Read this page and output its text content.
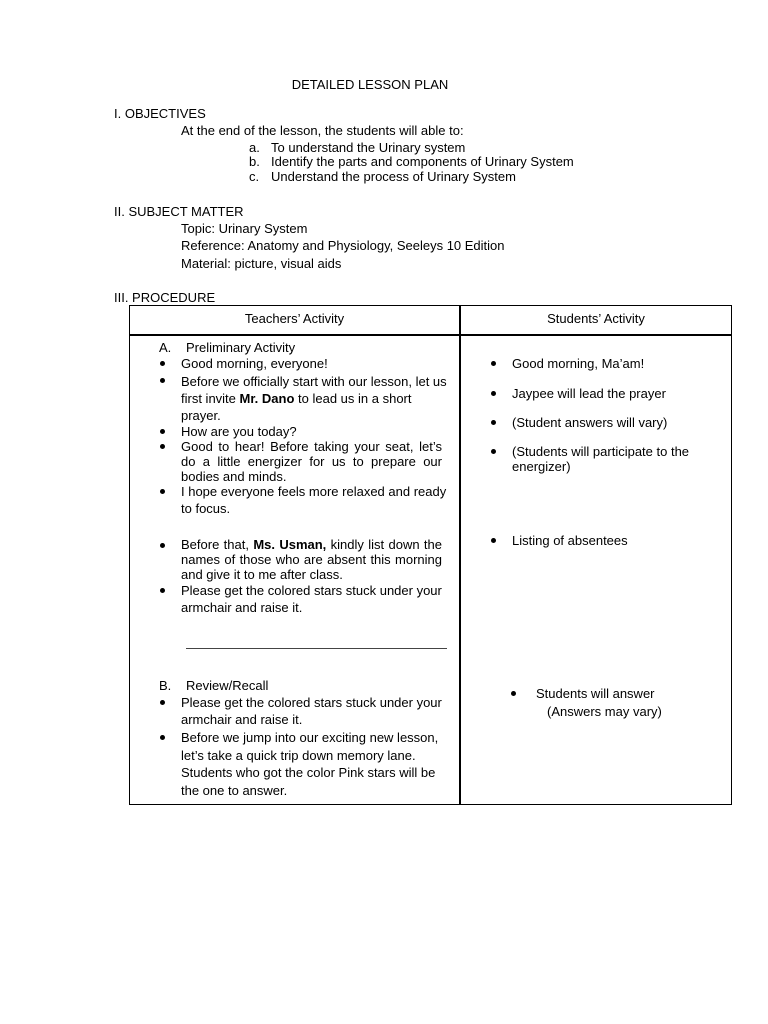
DETAILED LESSON PLAN
I. OBJECTIVES
At the end of the lesson, the students will able to:
a. To understand the Urinary system
b. Identify the parts and components of Urinary System
c. Understand the process of Urinary System
II. SUBJECT MATTER
Topic: Urinary System
Reference: Anatomy and Physiology, Seeleys 10 Edition
Material: picture, visual aids
III. PROCEDURE
Teachers’ Activity	Students’ Activity
A. Preliminary Activity
Good morning, everyone!
Before we officially start with our lesson, let us first invite Mr. Dano to lead us in a short prayer.
How are you today?
Good to hear! Before taking your seat, let’s do a little energizer for us to prepare our bodies and minds.
I hope everyone feels more relaxed and ready to focus.
Before that, Ms. Usman, kindly list down the names of those who are absent this morning and give it to me after class.
Please get the colored stars stuck under your armchair and raise it.
B. Review/Recall
Please get the colored stars stuck under your armchair and raise it.
Before we jump into our exciting new lesson, let’s take a quick trip down memory lane. Students who got the color Pink stars will be the one to answer.
Good morning, Ma’am!
Jaypee will lead the prayer
(Student answers will vary)
(Students will participate to the energizer)
Listing of absentees
Students will answer
(Answers may vary)
